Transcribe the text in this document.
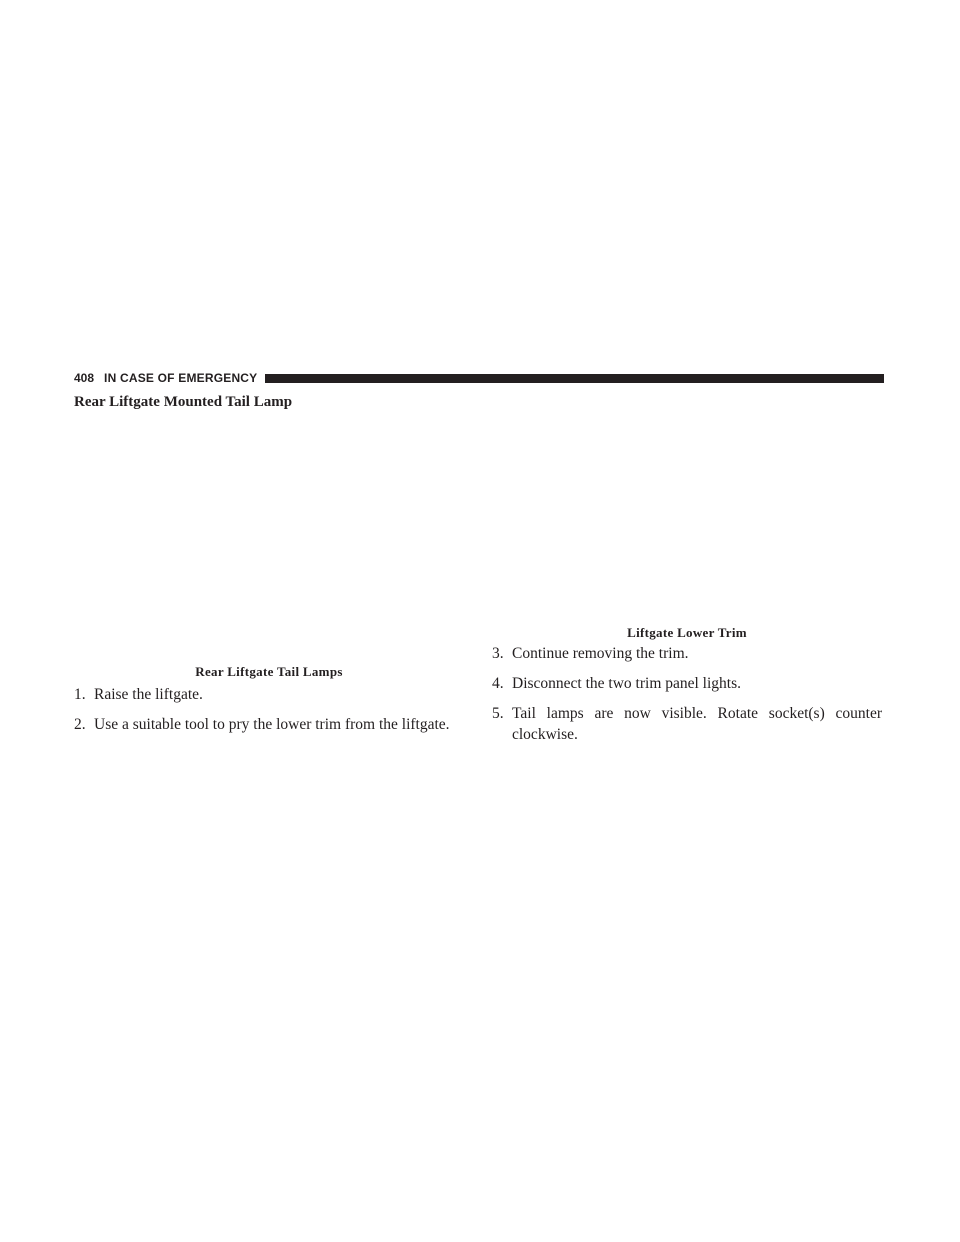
408 IN CASE OF EMERGENCY
Rear Liftgate Mounted Tail Lamp
Rear Liftgate Tail Lamps
Liftgate Lower Trim
1. Raise the liftgate.
2. Use a suitable tool to pry the lower trim from the liftgate.
3. Continue removing the trim.
4. Disconnect the two trim panel lights.
5. Tail lamps are now visible. Rotate socket(s) counter clockwise.
